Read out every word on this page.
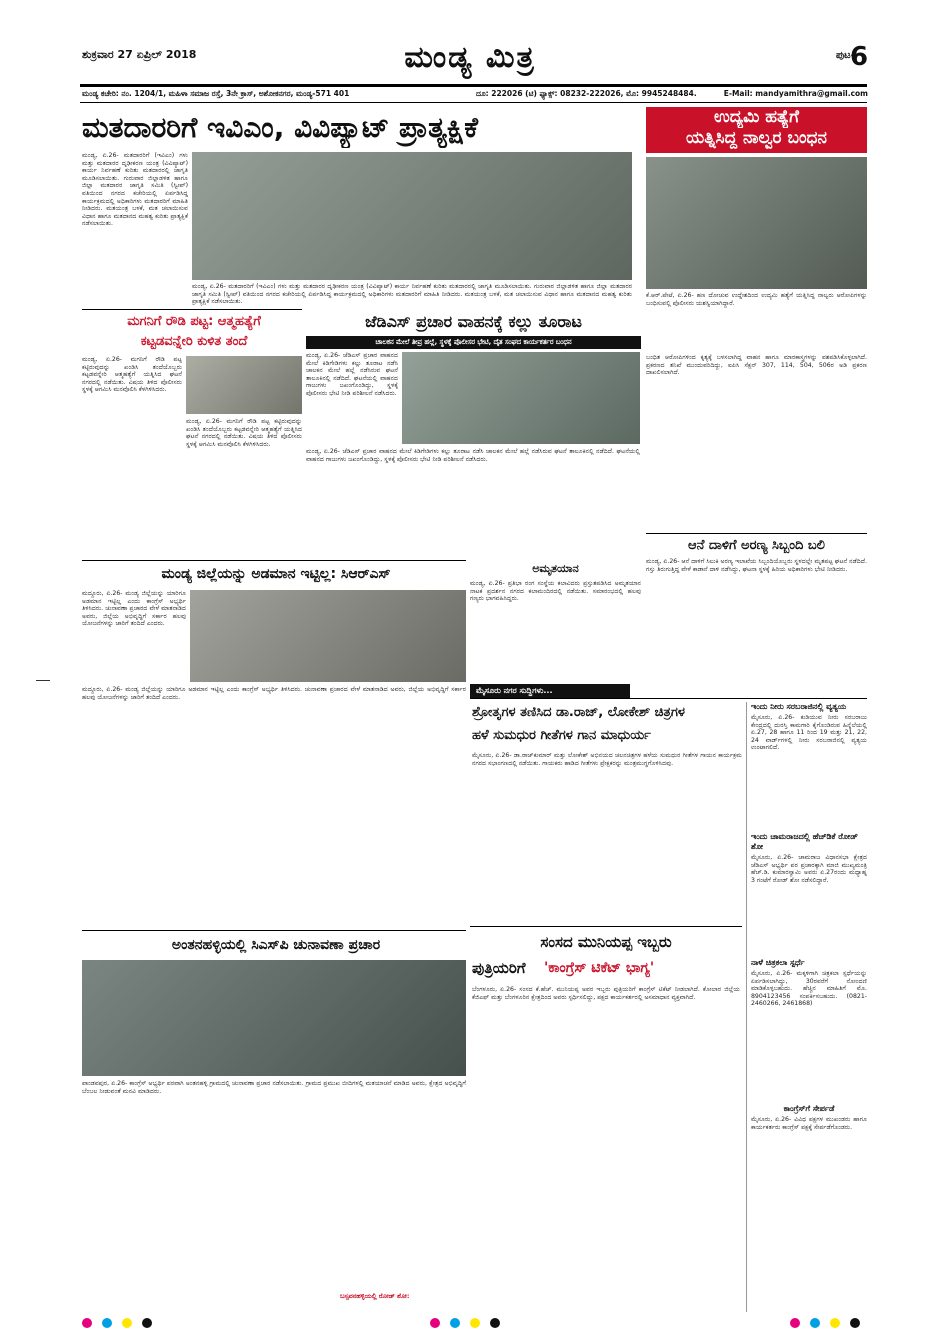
ಶುಕ್ರವಾರ 27 ಏಪ್ರಿಲ್ 2018	ಮಂಡ್ಯ ಮಿತ್ರ	ಪುಟ-
6
ಮಂಡ್ಯ ಕಚೇರಿ: ನಂ. 1204/1, ಮಹಿಳಾ ಸಮಾಜ ರಸ್ತೆ, 3ನೇ ಕ್ರಾಸ್, ಅಶೋಕನಗರ, ಮಂಡ್ಯ-571 401	ದೂ: 222026 (ಟಿ) ಫ್ಯಾಕ್ಸ್: 08232-222026, ಮೊ: 9945248484.	E-Mail: mandyamithra@gmail.com
ಮತದಾರರಿಗೆ ಇವಿಎಂ, ವಿವಿಪ್ಯಾಟ್ ಪ್ರಾತ್ಯಕ್ಷಿಕೆ
ಮಂಡ್ಯ, ಏ.26- ಮತದಾರರಿಗೆ (ಇವಿಎಂ) ಗಳು ಮತ್ತು ಮತದಾರರ ದೃಢೀಕರಣ ಯಂತ್ರ (ವಿವಿಪ್ಯಾಟ್) ಕಾರ್ಯ ನಿರ್ವಹಣೆ ಕುರಿತು ಮತದಾರರಲ್ಲಿ ಜಾಗೃತಿ ಮೂಡಿಸಲಾಯಿತು. ಗುರುವಾರ ಜಿಲ್ಲಾಡಳಿತ ಹಾಗೂ ಜಿಲ್ಲಾ ಮತದಾರರ ಜಾಗೃತಿ ಸಮಿತಿ (ಸ್ವೀಪ್) ವತಿಯಿಂದ ನಗರದ ಕಚೇರಿಯಲ್ಲಿ ಏರ್ಪಡಿಸಿದ್ದ ಕಾರ್ಯಕ್ರಮದಲ್ಲಿ ಅಧಿಕಾರಿಗಳು ಮತದಾರರಿಗೆ ಮಾಹಿತಿ ನೀಡಿದರು. ಮತಯಂತ್ರ ಬಳಕೆ, ಮತ ಚಲಾಯಿಸುವ ವಿಧಾನ ಹಾಗೂ ಮತದಾನದ ಮಹತ್ವ ಕುರಿತು ಪ್ರಾತ್ಯಕ್ಷಿಕೆ ನಡೆಸಲಾಯಿತು.
ಮಂಡ್ಯ, ಏ.26- ಮತದಾರರಿಗೆ (ಇವಿಎಂ) ಗಳು ಮತ್ತು ಮತದಾರರ ದೃಢೀಕರಣ ಯಂತ್ರ (ವಿವಿಪ್ಯಾಟ್) ಕಾರ್ಯ ನಿರ್ವಹಣೆ ಕುರಿತು ಮತದಾರರಲ್ಲಿ ಜಾಗೃತಿ ಮೂಡಿಸಲಾಯಿತು. ಗುರುವಾರ ಜಿಲ್ಲಾಡಳಿತ ಹಾಗೂ ಜಿಲ್ಲಾ ಮತದಾರರ ಜಾಗೃತಿ ಸಮಿತಿ (ಸ್ವೀಪ್) ವತಿಯಿಂದ ನಗರದ ಕಚೇರಿಯಲ್ಲಿ ಏರ್ಪಡಿಸಿದ್ದ ಕಾರ್ಯಕ್ರಮದಲ್ಲಿ ಅಧಿಕಾರಿಗಳು ಮತದಾರರಿಗೆ ಮಾಹಿತಿ ನೀಡಿದರು. ಮತಯಂತ್ರ ಬಳಕೆ, ಮತ ಚಲಾಯಿಸುವ ವಿಧಾನ ಹಾಗೂ ಮತದಾನದ ಮಹತ್ವ ಕುರಿತು ಪ್ರಾತ್ಯಕ್ಷಿಕೆ ನಡೆಸಲಾಯಿತು.
ಉದ್ಯಮಿ ಹತ್ಯೆಗೆ
ಯತ್ನಿಸಿದ್ದ ನಾಲ್ವರ ಬಂಧನ
ಕೆ.ಆರ್.ಪೇಟೆ, ಏ.26- ಹಣ ದೋಚುವ ಉದ್ದೇಶದಿಂದ ಉದ್ಯಮಿ ಹತ್ಯೆಗೆ ಯತ್ನಿಸಿದ್ದ ನಾಲ್ವರು ಆರೋಪಿಗಳನ್ನು ಬಂಧಿಸುವಲ್ಲಿ ಪೊಲೀಸರು ಯಶಸ್ವಿಯಾಗಿದ್ದಾರೆ.
ಬಂಧಿತ ಆರೋಪಿಗಳಿಂದ ಕೃತ್ಯಕ್ಕೆ ಬಳಸಲಾಗಿದ್ದ ವಾಹನ ಹಾಗೂ ಮಾರಕಾಸ್ತ್ರಗಳನ್ನು ವಶಪಡಿಸಿಕೊಳ್ಳಲಾಗಿದೆ. ಪ್ರಕರಣದ ತನಿಖೆ ಮುಂದುವರಿದಿದ್ದು, ಐಪಿಸಿ ಸೆಕ್ಷನ್ 307, 114, 504, 506ರ ಅಡಿ ಪ್ರಕರಣ ದಾಖಲಿಸಲಾಗಿದೆ.
ಮಗನಿಗೆ ರೌಡಿ ಪಟ್ಟ: ಆತ್ಮಹತ್ಯೆಗೆ
ಕಟ್ಟಡವನ್ನೇರಿ ಕುಳಿತ ತಂದೆ
ಮಂಡ್ಯ, ಏ.26- ಮಗನಿಗೆ ರೌಡಿ ಪಟ್ಟ ಕಟ್ಟಿರುವುದನ್ನು ಖಂಡಿಸಿ ತಂದೆಯೊಬ್ಬರು ಕಟ್ಟಡವನ್ನೇರಿ ಆತ್ಮಹತ್ಯೆಗೆ ಯತ್ನಿಸಿದ ಘಟನೆ ನಗರದಲ್ಲಿ ನಡೆಯಿತು. ವಿಷಯ ತಿಳಿದ ಪೊಲೀಸರು ಸ್ಥಳಕ್ಕೆ ಆಗಮಿಸಿ ಮನವೊಲಿಸಿ ಕೆಳಗಿಳಿಸಿದರು.
ಮಂಡ್ಯ, ಏ.26- ಮಗನಿಗೆ ರೌಡಿ ಪಟ್ಟ ಕಟ್ಟಿರುವುದನ್ನು ಖಂಡಿಸಿ ತಂದೆಯೊಬ್ಬರು ಕಟ್ಟಡವನ್ನೇರಿ ಆತ್ಮಹತ್ಯೆಗೆ ಯತ್ನಿಸಿದ ಘಟನೆ ನಗರದಲ್ಲಿ ನಡೆಯಿತು. ವಿಷಯ ತಿಳಿದ ಪೊಲೀಸರು ಸ್ಥಳಕ್ಕೆ ಆಗಮಿಸಿ ಮನವೊಲಿಸಿ ಕೆಳಗಿಳಿಸಿದರು.
ಜೆಡಿಎಸ್ ಪ್ರಚಾರ ವಾಹನಕ್ಕೆ ಕಲ್ಲು ತೂರಾಟ
ಚಾಲಕನ ಮೇಲೆ ತೀವ್ರ ಹಲ್ಲೆ, ಸ್ಥಳಕ್ಕೆ ಪೊಲೀಸರ ಭೇಟಿ, ದೈತ ಸಂಘದ ಕಾರ್ಯಕರ್ತರ ಬಂಧನ
ಮಂಡ್ಯ, ಏ.26- ಜೆಡಿಎಸ್ ಪ್ರಚಾರ ವಾಹನದ ಮೇಲೆ ಕಿಡಿಗೇಡಿಗಳು ಕಲ್ಲು ತೂರಾಟ ನಡೆಸಿ ಚಾಲಕನ ಮೇಲೆ ಹಲ್ಲೆ ನಡೆಸಿರುವ ಘಟನೆ ತಾಲೂಕಿನಲ್ಲಿ ನಡೆದಿದೆ. ಘಟನೆಯಲ್ಲಿ ವಾಹನದ ಗಾಜುಗಳು ಜಖಂಗೊಂಡಿದ್ದು, ಸ್ಥಳಕ್ಕೆ ಪೊಲೀಸರು ಭೇಟಿ ನೀಡಿ ಪರಿಶೀಲನೆ ನಡೆಸಿದರು.
ಮಂಡ್ಯ, ಏ.26- ಜೆಡಿಎಸ್ ಪ್ರಚಾರ ವಾಹನದ ಮೇಲೆ ಕಿಡಿಗೇಡಿಗಳು ಕಲ್ಲು ತೂರಾಟ ನಡೆಸಿ ಚಾಲಕನ ಮೇಲೆ ಹಲ್ಲೆ ನಡೆಸಿರುವ ಘಟನೆ ತಾಲೂಕಿನಲ್ಲಿ ನಡೆದಿದೆ. ಘಟನೆಯಲ್ಲಿ ವಾಹನದ ಗಾಜುಗಳು ಜಖಂಗೊಂಡಿದ್ದು, ಸ್ಥಳಕ್ಕೆ ಪೊಲೀಸರು ಭೇಟಿ ನೀಡಿ ಪರಿಶೀಲನೆ ನಡೆಸಿದರು.
ಆನೆ ದಾಳಿಗೆ ಅರಣ್ಯ ಸಿಬ್ಬಂದಿ ಬಲಿ
ಮಂಡ್ಯ, ಏ.26- ಆನೆ ದಾಳಿಗೆ ಸಿಲುಕಿ ಅರಣ್ಯ ಇಲಾಖೆಯ ಸಿಬ್ಬಂದಿಯೊಬ್ಬರು ಸ್ಥಳದಲ್ಲೇ ಮೃತಪಟ್ಟ ಘಟನೆ ನಡೆದಿದೆ. ಗಸ್ತು ತಿರುಗುತ್ತಿದ್ದ ವೇಳೆ ಕಾಡಾನೆ ದಾಳಿ ನಡೆಸಿದ್ದು, ಘಟನಾ ಸ್ಥಳಕ್ಕೆ ಹಿರಿಯ ಅಧಿಕಾರಿಗಳು ಭೇಟಿ ನೀಡಿದರು.
ಮಂಡ್ಯ ಜಿಲ್ಲೆಯನ್ನು ಅಡಮಾನ ಇಟ್ಟಿಲ್ಲ: ಸಿಆರ್‌ಎಸ್
ಮದ್ದೂರು, ಏ.26- ಮಂಡ್ಯ ಜಿಲ್ಲೆಯನ್ನು ಯಾರಿಗೂ ಅಡಮಾನ ಇಟ್ಟಿಲ್ಲ ಎಂದು ಕಾಂಗ್ರೆಸ್ ಅಭ್ಯರ್ಥಿ ತಿಳಿಸಿದರು. ಚುನಾವಣಾ ಪ್ರಚಾರದ ವೇಳೆ ಮಾತನಾಡಿದ ಅವರು, ಜಿಲ್ಲೆಯ ಅಭಿವೃದ್ಧಿಗೆ ಸರ್ಕಾರ ಹಲವು ಯೋಜನೆಗಳನ್ನು ಜಾರಿಗೆ ತಂದಿದೆ ಎಂದರು.
ಮದ್ದೂರು, ಏ.26- ಮಂಡ್ಯ ಜಿಲ್ಲೆಯನ್ನು ಯಾರಿಗೂ ಅಡಮಾನ ಇಟ್ಟಿಲ್ಲ ಎಂದು ಕಾಂಗ್ರೆಸ್ ಅಭ್ಯರ್ಥಿ ತಿಳಿಸಿದರು. ಚುನಾವಣಾ ಪ್ರಚಾರದ ವೇಳೆ ಮಾತನಾಡಿದ ಅವರು, ಜಿಲ್ಲೆಯ ಅಭಿವೃದ್ಧಿಗೆ ಸರ್ಕಾರ ಹಲವು ಯೋಜನೆಗಳನ್ನು ಜಾರಿಗೆ ತಂದಿದೆ ಎಂದರು.
ಅಮೃತಯಾನ
ಮಂಡ್ಯ, ಏ.26- ಪ್ರತಿಭಾ ರಂಗ ಸಂಸ್ಥೆಯ ಕಲಾವಿದರು ಪ್ರಸ್ತುತಪಡಿಸಿದ ಅಮೃತಯಾನ ನಾಟಕ ಪ್ರದರ್ಶನ ನಗರದ ಕಲಾಮಂದಿರದಲ್ಲಿ ನಡೆಯಿತು. ಸಮಾರಂಭದಲ್ಲಿ ಹಲವು ಗಣ್ಯರು ಭಾಗವಹಿಸಿದ್ದರು.
ಮೈಸೂರು ನಗರ ಸುದ್ದಿಗಳು...
ಶ್ರೋತೃಗಳ ತಣಿಸಿದ ಡಾ.ರಾಜ್, ಲೋಕೇಶ್ ಚಿತ್ರಗಳ
ಹಳೆ ಸುಮಧುರ ಗೀತೆಗಳ ಗಾನ ಮಾಧುರ್ಯ
ಮೈಸೂರು, ಏ.26- ಡಾ.ರಾಜ್‌ಕುಮಾರ್ ಮತ್ತು ಲೋಕೇಶ್ ಅಭಿನಯದ ಚಲನಚಿತ್ರಗಳ ಹಳೆಯ ಸುಮಧುರ ಗೀತೆಗಳ ಗಾಯನ ಕಾರ್ಯಕ್ರಮ ನಗರದ ಸಭಾಂಗಣದಲ್ಲಿ ನಡೆಯಿತು. ಗಾಯಕರು ಹಾಡಿದ ಗೀತೆಗಳು ಪ್ರೇಕ್ಷಕರನ್ನು ಮಂತ್ರಮುಗ್ಧಗೊಳಿಸಿದವು.
ಇಂದು ನೀರು ಸರಬರಾಜಿನಲ್ಲಿ ವ್ಯತ್ಯಯ
ಮೈಸೂರು, ಏ.26- ಕುಡಿಯುವ ನೀರು ಸರಬರಾಜು ಕೇಂದ್ರದಲ್ಲಿ ದುರಸ್ತಿ ಕಾಮಗಾರಿ ಕೈಗೊಂಡಿರುವ ಹಿನ್ನೆಲೆಯಲ್ಲಿ ಏ.27, 28 ಹಾಗೂ 11 ರಿಂದ 19 ಮತ್ತು 21, 22, 24 ವಾರ್ಡ್‌ಗಳಲ್ಲಿ ನೀರು ಸರಬರಾಜಿನಲ್ಲಿ ವ್ಯತ್ಯಯ ಉಂಟಾಗಲಿದೆ.
ಇಂದು ಚಾಮರಾಜದಲ್ಲಿ ಹೆಚ್‌ಡಿಕೆ ರೋಡ್ ಶೋ
ಮೈಸೂರು, ಏ.26- ಚಾಮರಾಜ ವಿಧಾನಸಭಾ ಕ್ಷೇತ್ರದ ಜೆಡಿಎಸ್ ಅಭ್ಯರ್ಥಿ ಪರ ಪ್ರಚಾರಕ್ಕಾಗಿ ಮಾಜಿ ಮುಖ್ಯಮಂತ್ರಿ ಹೆಚ್.ಡಿ. ಕುಮಾರಸ್ವಾಮಿ ಅವರು ಏ.27ರಂದು ಮಧ್ಯಾಹ್ನ 3 ಗಂಟೆಗೆ ರೋಡ್ ಶೋ ನಡೆಸಲಿದ್ದಾರೆ.
ನಾಳೆ ಚಿತ್ರಕಲಾ ಸ್ಪರ್ಧೆ
ಮೈಸೂರು, ಏ.26- ಮಕ್ಕಳಿಗಾಗಿ ಚಿತ್ರಕಲಾ ಸ್ಪರ್ಧೆಯನ್ನು ಏರ್ಪಡಿಸಲಾಗಿದ್ದು, 30ರವರೆಗೆ ನೋಂದಣಿ ಮಾಡಿಕೊಳ್ಳಬಹುದು. ಹೆಚ್ಚಿನ ಮಾಹಿತಿಗೆ ಮೊ. 8904123456 ಸಂಪರ್ಕಿಸಬಹುದು. (0821-2460266, 2461868)
ಕಾಂಗ್ರೆಸ್‌ಗೆ ಸೇರ್ಪಡೆ
ಮೈಸೂರು, ಏ.26- ವಿವಿಧ ಪಕ್ಷಗಳ ಮುಖಂಡರು ಹಾಗೂ ಕಾರ್ಯಕರ್ತರು ಕಾಂಗ್ರೆಸ್ ಪಕ್ಷಕ್ಕೆ ಸೇರ್ಪಡೆಗೊಂಡರು.
ಅಂತನಹಳ್ಳಿಯಲ್ಲಿ ಸಿಎಸ್‌ಪಿ ಚುನಾವಣಾ ಪ್ರಚಾರ
ಪಾಂಡವಪುರ, ಏ.26- ಕಾಂಗ್ರೆಸ್ ಅಭ್ಯರ್ಥಿ ಪರವಾಗಿ ಅಂತನಹಳ್ಳಿ ಗ್ರಾಮದಲ್ಲಿ ಚುನಾವಣಾ ಪ್ರಚಾರ ನಡೆಸಲಾಯಿತು. ಗ್ರಾಮದ ಪ್ರಮುಖ ಬೀದಿಗಳಲ್ಲಿ ಮತಯಾಚನೆ ಮಾಡಿದ ಅವರು, ಕ್ಷೇತ್ರದ ಅಭಿವೃದ್ಧಿಗೆ ಬೆಂಬಲ ನೀಡುವಂತೆ ಮನವಿ ಮಾಡಿದರು.
ಬಸ್ಸವನಹಳ್ಳಿಯಲ್ಲಿ ರೋಡ್ ಶೋ:
ಸಂಸದ ಮುನಿಯಪ್ಪ ಇಬ್ಬರು
ಪುತ್ರಿಯರಿಗೆ	'ಕಾಂಗ್ರೆಸ್ ಟಿಕೆಟ್ ಭಾಗ್ಯ'
ಬೆಂಗಳೂರು, ಏ.26- ಸಂಸದ ಕೆ.ಹೆಚ್. ಮುನಿಯಪ್ಪ ಅವರ ಇಬ್ಬರು ಪುತ್ರಿಯರಿಗೆ ಕಾಂಗ್ರೆಸ್ ಟಿಕೆಟ್ ನೀಡಲಾಗಿದೆ. ಕೋಲಾರ ಜಿಲ್ಲೆಯ ಕೆಜಿಎಫ್ ಮತ್ತು ಬೆಂಗಳೂರಿನ ಕ್ಷೇತ್ರದಿಂದ ಅವರು ಸ್ಪರ್ಧಿಸಲಿದ್ದು, ಪಕ್ಷದ ಕಾರ್ಯಕರ್ತರಲ್ಲಿ ಅಸಮಾಧಾನ ವ್ಯಕ್ತವಾಗಿದೆ.
